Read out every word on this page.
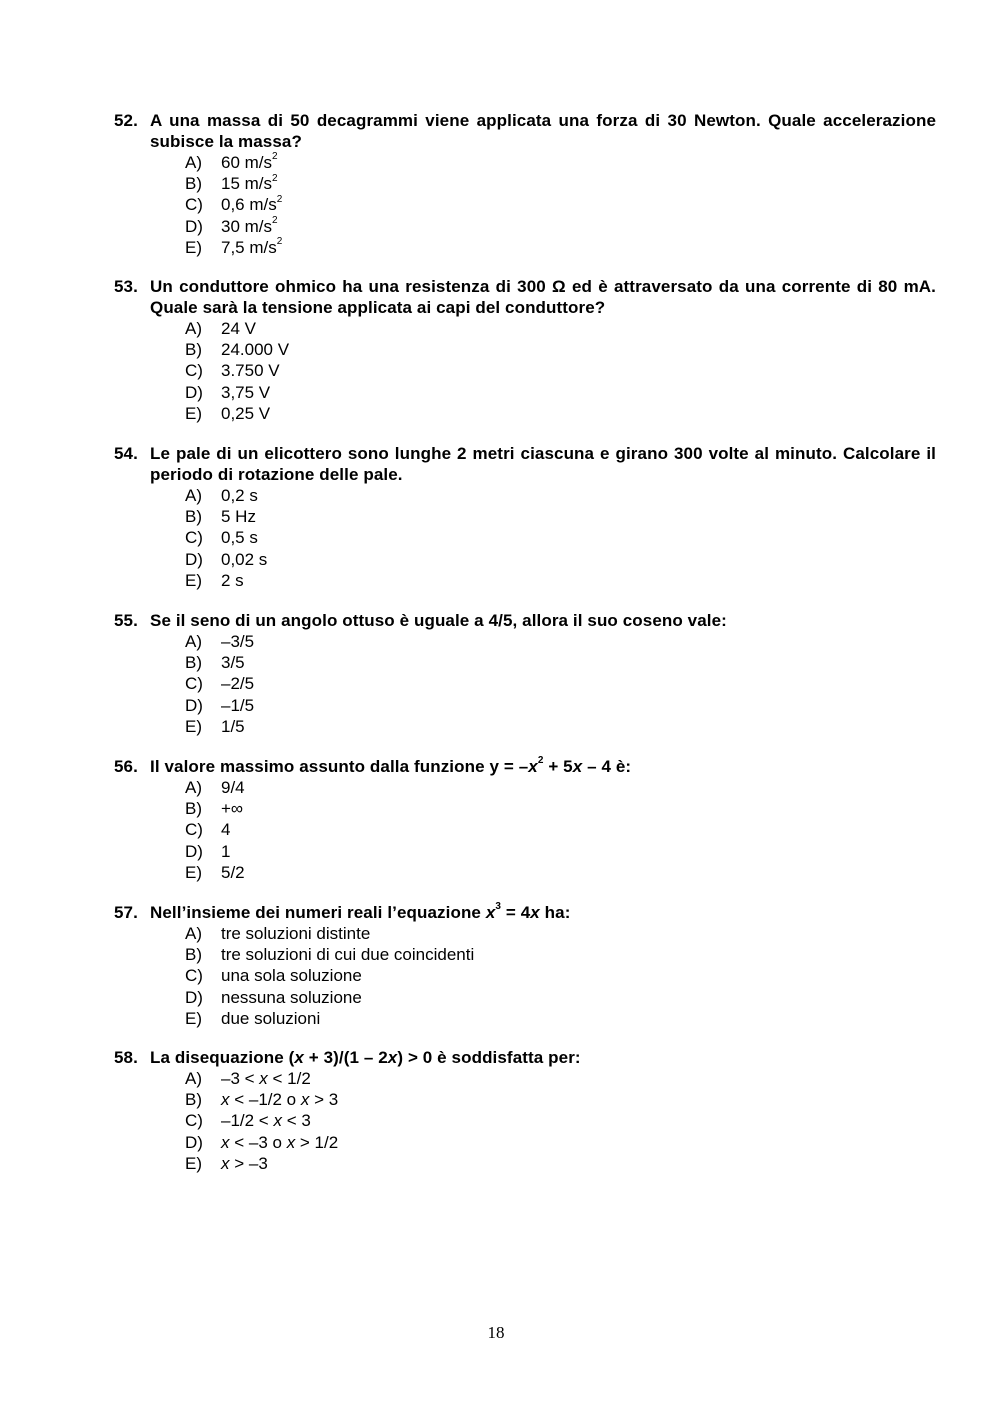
52. A una massa di 50 decagrammi viene applicata una forza di 30 Newton. Quale accelerazione subisce la massa?
A)	60 $m/s^2$
B)	15 $m/s^2$
C)	0,6 $m/s^2$
D)	30 $m/s^2$
E)	7,5 $m/s^2$
53. Un conduttore ohmico ha una resistenza di 300 Ω ed è attraversato da una corrente di 80 mA. Quale sarà la tensione applicata ai capi del conduttore?
A)	24 V
B)	24.000 V
C)	3.750 V
D)	3,75 V
E)	0,25 V
54. Le pale di un elicottero sono lunghe 2 metri ciascuna e girano 300 volte al minuto. Calcolare il periodo di rotazione delle pale.
A)	0,2 s
B)	5 Hz
C)	0,5 s
D)	0,02 s
E)	2 s
55. Se il seno di un angolo ottuso è uguale a 4/5, allora il suo coseno vale:
A)	–3/5
B)	3/5
C)	–2/5
D)	–1/5
E)	1/5
56. Il valore massimo assunto dalla funzione $y = -x^2 + 5x - 4$ è:
A)	9/4
B)	+∞
C)	4
D)	1
E)	5/2
57. Nell’insieme dei numeri reali l’equazione $x^3 = 4x$ ha:
A)	tre soluzioni distinte
B)	tre soluzioni di cui due coincidenti
C)	una sola soluzione
D)	nessuna soluzione
E)	due soluzioni
58. La disequazione (x + 3)/(1 – 2x) > 0 è soddisfatta per:
A)	–3 < x < 1/2
B)	x < –1/2 o x > 3
C)	–1/2 < x < 3
D)	x < –3 o x > 1/2
E)	x > –3
18
